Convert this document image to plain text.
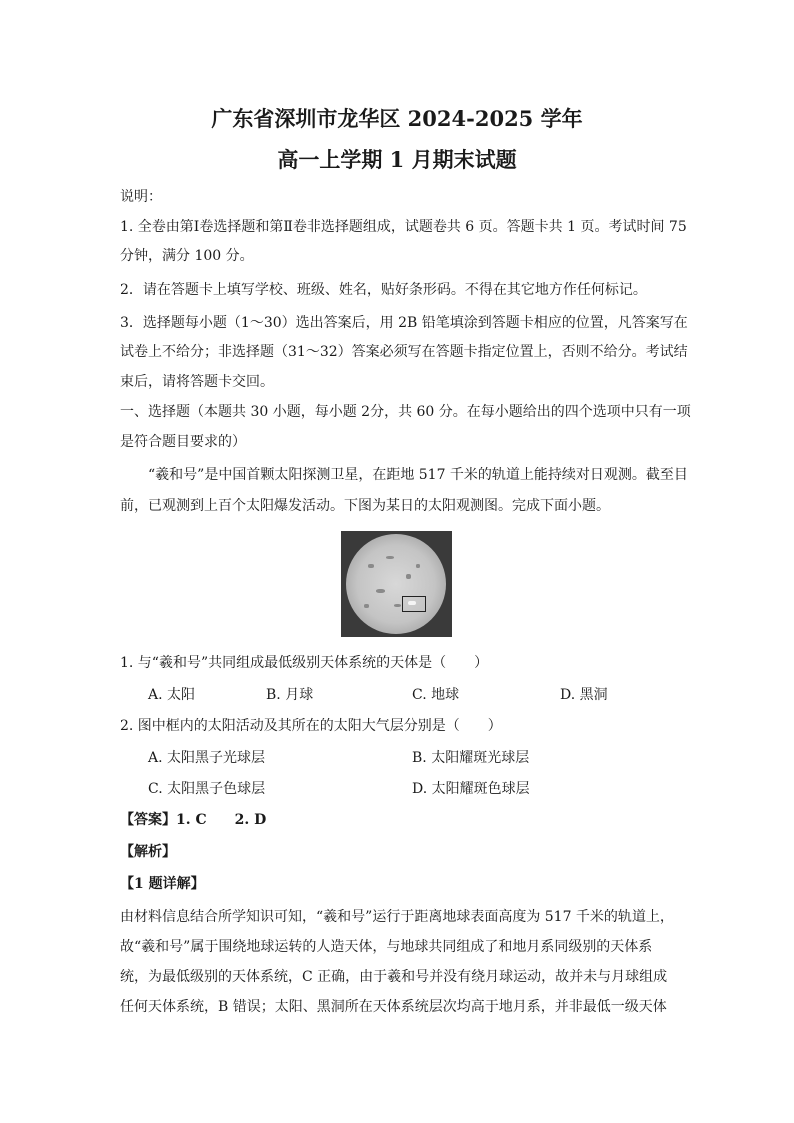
广东省深圳市龙华区 2024-2025 学年
高一上学期 1 月期末试题
说明：
1. 全卷由第Ⅰ卷选择题和第Ⅱ卷非选择题组成，试题卷共 6 页。答题卡共 1 页。考试时间 75
分钟，满分 100 分。
2．请在答题卡上填写学校、班级、姓名，贴好条形码。不得在其它地方作任何标记。
3．选择题每小题（1～30）选出答案后，用 2B 铅笔填涂到答题卡相应的位置，凡答案写在
试卷上不给分；非选择题（31～32）答案必须写在答题卡指定位置上，否则不给分。考试结
束后，请将答题卡交回。
一、选择题（本题共 30 小题，每小题 2分，共 60 分。在每小题给出的四个选项中只有一项
是符合题目要求的）
“羲和号”是中国首颗太阳探测卫星，在距地 517 千米的轨道上能持续对日观测。截至目
前，已观测到上百个太阳爆发活动。下图为某日的太阳观测图。完成下面小题。
1. 与“羲和号”共同组成最低级别天体系统的天体是（　　）
A. 太阳	B. 月球	C. 地球	D. 黑洞
2. 图中框内的太阳活动及其所在的太阳大气层分别是（　　）
A. 太阳黑子光球层	B. 太阳耀斑光球层
C. 太阳黑子色球层	D. 太阳耀斑色球层
【答案】1. C　　2. D
【解析】
【1 题详解】
由材料信息结合所学知识可知，“羲和号”运行于距离地球表面高度为 517 千米的轨道上，
故“羲和号”属于围绕地球运转的人造天体，与地球共同组成了和地月系同级别的天体系
统，为最低级别的天体系统，C 正确，由于羲和号并没有绕月球运动，故并未与月球组成
任何天体系统，B 错误；太阳、黑洞所在天体系统层次均高于地月系，并非最低一级天体
